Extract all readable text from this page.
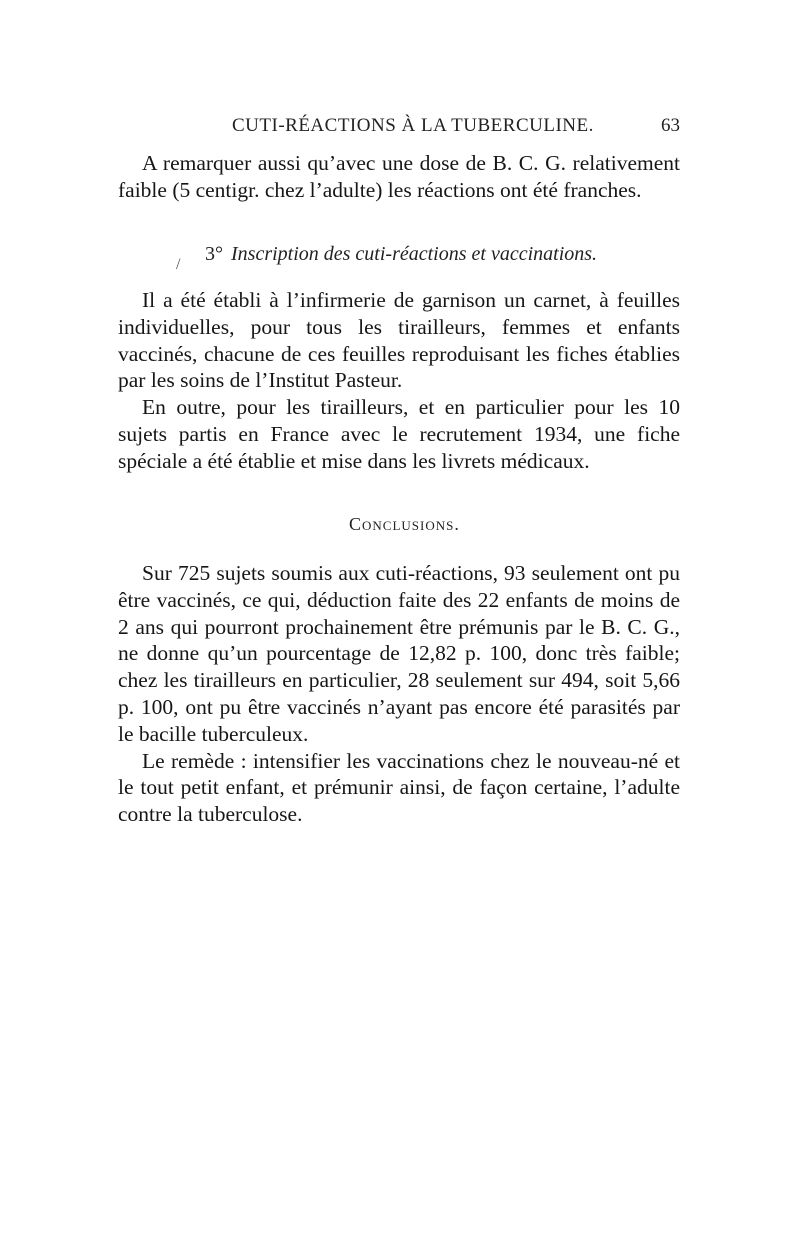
CUTI-RÉACTIONS À LA TUBERCULINE.	63

A remarquer aussi qu’avec une dose de B. C. G. relativement faible (5 centigr. chez l’adulte) les réactions ont été franches.

/ 3° Inscription des cuti-réactions et vaccinations.

Il a été établi à l’infirmerie de garnison un carnet, à feuilles individuelles, pour tous les tirailleurs, femmes et enfants vaccinés, chacune de ces feuilles reproduisant les fiches établies par les soins de l’Institut Pasteur.

En outre, pour les tirailleurs, et en particulier pour les 10 sujets partis en France avec le recrutement 1934, une fiche spéciale a été établie et mise dans les livrets médicaux.

Conclusions.

Sur 725 sujets soumis aux cuti-réactions, 93 seulement ont pu être vaccinés, ce qui, déduction faite des 22 enfants de moins de 2 ans qui pourront prochainement être prémunis par le B. C. G., ne donne qu’un pourcentage de 12,82 p. 100, donc très faible; chez les tirailleurs en particulier, 28 seulement sur 494, soit 5,66 p. 100, ont pu être vaccinés n’ayant pas encore été parasités par le bacille tuberculeux.

Le remède : intensifier les vaccinations chez le nouveau-né et le tout petit enfant, et prémunir ainsi, de façon certaine, l’adulte contre la tuberculose.
